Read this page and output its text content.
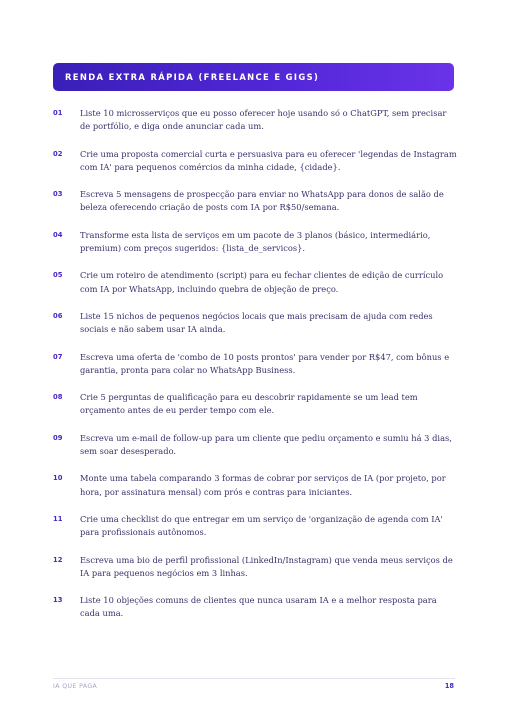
RENDA EXTRA RÁPIDA (FREELANCE E GIGS)
01	Liste 10 microsserviços que eu posso oferecer hoje usando só o ChatGPT, sem precisar de portfólio, e diga onde anunciar cada um.
02	Crie uma proposta comercial curta e persuasiva para eu oferecer 'legendas de Instagram com IA' para pequenos comércios da minha cidade, {cidade}.
03	Escreva 5 mensagens de prospecção para enviar no WhatsApp para donos de salão de beleza oferecendo criação de posts com IA por R$50/semana.
04	Transforme esta lista de serviços em um pacote de 3 planos (básico, intermediário, premium) com preços sugeridos: {lista_de_servicos}.
05	Crie um roteiro de atendimento (script) para eu fechar clientes de edição de currículo com IA por WhatsApp, incluindo quebra de objeção de preço.
06	Liste 15 nichos de pequenos negócios locais que mais precisam de ajuda com redes sociais e não sabem usar IA ainda.
07	Escreva uma oferta de 'combo de 10 posts prontos' para vender por R$47, com bônus e garantia, pronta para colar no WhatsApp Business.
08	Crie 5 perguntas de qualificação para eu descobrir rapidamente se um lead tem orçamento antes de eu perder tempo com ele.
09	Escreva um e-mail de follow-up para um cliente que pediu orçamento e sumiu há 3 dias, sem soar desesperado.
10	Monte uma tabela comparando 3 formas de cobrar por serviços de IA (por projeto, por hora, por assinatura mensal) com prós e contras para iniciantes.
11	Crie uma checklist do que entregar em um serviço de 'organização de agenda com IA' para profissionais autônomos.
12	Escreva uma bio de perfil profissional (LinkedIn/Instagram) que venda meus serviços de IA para pequenos negócios em 3 linhas.
13	Liste 10 objeções comuns de clientes que nunca usaram IA e a melhor resposta para cada uma.
IA QUE PAGA	18
